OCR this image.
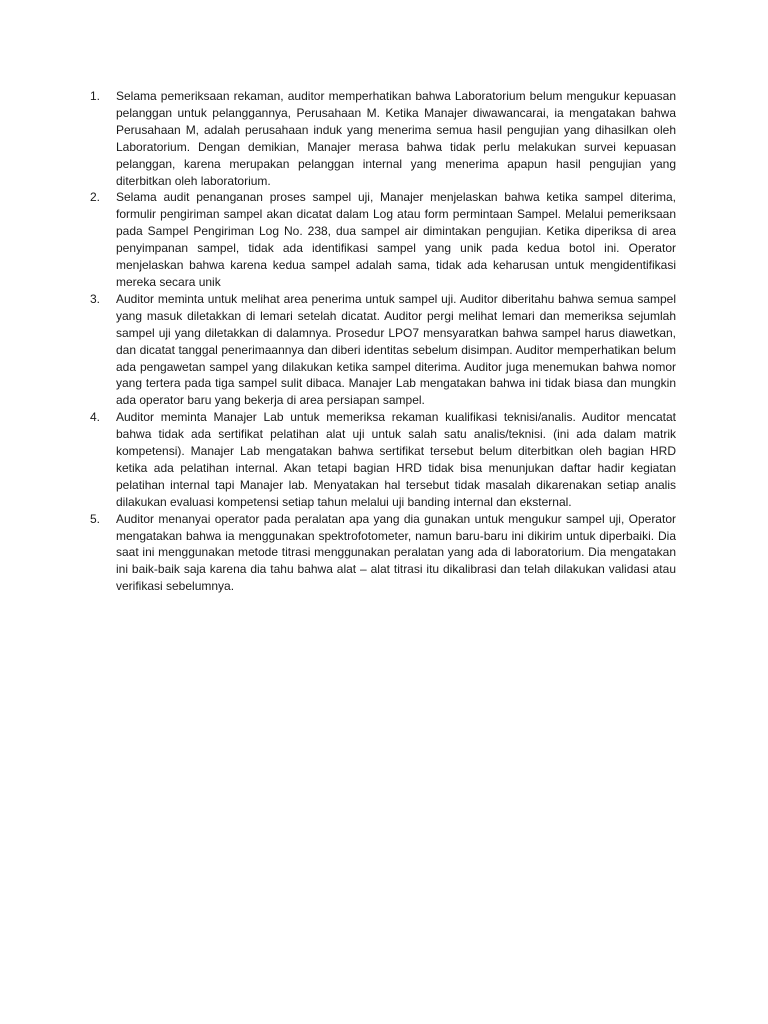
1.	Selama pemeriksaan rekaman, auditor memperhatikan bahwa Laboratorium belum mengukur kepuasan pelanggan untuk pelanggannya, Perusahaan M. Ketika Manajer diwawancarai, ia mengatakan bahwa Perusahaan M, adalah perusahaan induk yang menerima semua hasil pengujian yang dihasilkan oleh Laboratorium. Dengan demikian, Manajer merasa bahwa tidak perlu melakukan survei kepuasan pelanggan, karena merupakan pelanggan internal yang menerima apapun hasil pengujian yang diterbitkan oleh laboratorium.
2.	Selama audit penanganan proses sampel uji, Manajer menjelaskan bahwa ketika sampel diterima, formulir pengiriman sampel akan dicatat dalam Log atau form permintaan Sampel. Melalui pemeriksaan pada Sampel Pengiriman Log No. 238, dua sampel air dimintakan pengujian. Ketika diperiksa di area penyimpanan sampel, tidak ada identifikasi sampel yang unik pada kedua botol ini. Operator menjelaskan bahwa karena kedua sampel adalah sama, tidak ada keharusan untuk mengidentifikasi mereka secara unik
3.	Auditor meminta untuk melihat area penerima untuk sampel uji. Auditor diberitahu bahwa semua sampel yang masuk diletakkan di lemari setelah dicatat. Auditor pergi melihat lemari dan memeriksa sejumlah sampel uji yang diletakkan di dalamnya. Prosedur LPO7 mensyaratkan bahwa sampel harus diawetkan, dan dicatat tanggal penerimaannya dan diberi identitas sebelum disimpan. Auditor memperhatikan belum ada pengawetan sampel yang dilakukan ketika sampel diterima. Auditor juga menemukan bahwa nomor yang tertera pada tiga sampel sulit dibaca. Manajer Lab mengatakan bahwa ini tidak biasa dan mungkin ada operator baru yang bekerja di area persiapan sampel.
4.	Auditor meminta Manajer Lab untuk memeriksa rekaman kualifikasi teknisi/analis. Auditor mencatat bahwa tidak ada sertifikat pelatihan alat uji untuk salah satu analis/teknisi. (ini ada dalam matrik kompetensi). Manajer Lab mengatakan bahwa sertifikat tersebut belum diterbitkan oleh bagian HRD ketika ada pelatihan internal. Akan tetapi bagian HRD tidak bisa menunjukan daftar hadir kegiatan pelatihan internal tapi Manajer lab. Menyatakan hal tersebut tidak masalah dikarenakan setiap analis dilakukan evaluasi kompetensi setiap tahun melalui uji banding internal dan eksternal.
5.	Auditor menanyai operator pada peralatan apa yang dia gunakan untuk mengukur sampel uji, Operator mengatakan bahwa ia menggunakan spektrofotometer, namun baru-baru ini dikirim untuk diperbaiki. Dia saat ini menggunakan metode titrasi menggunakan peralatan yang ada di laboratorium. Dia mengatakan ini baik-baik saja karena dia tahu bahwa alat – alat titrasi itu dikalibrasi dan telah dilakukan validasi atau verifikasi sebelumnya.
